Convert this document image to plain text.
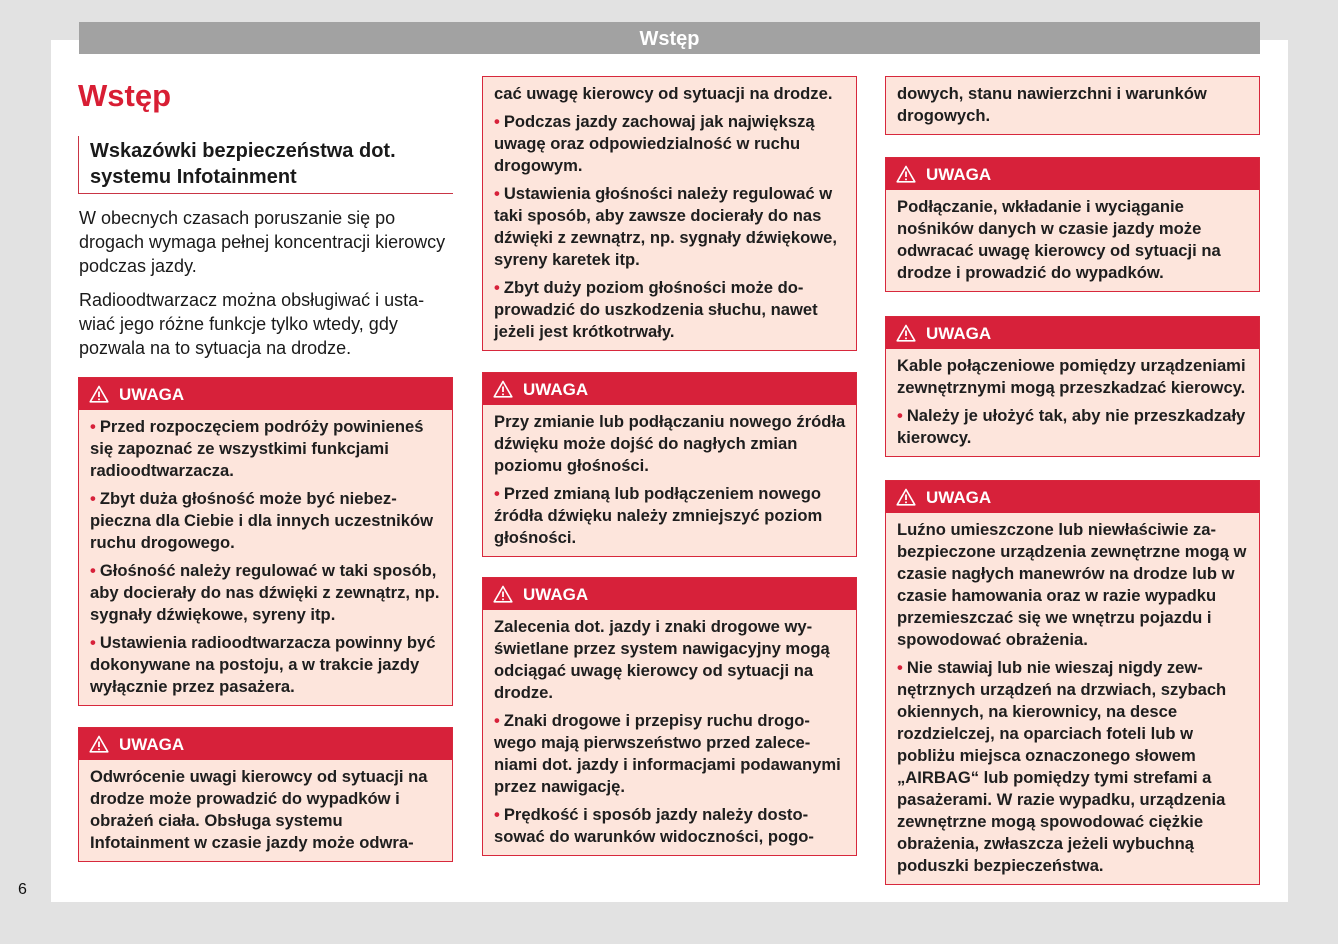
Wstęp
Wstęp
Wskazówki bezpieczeństwa dot.
systemu Infotainment

W obecnych czasach poruszanie się po drogach wymaga pełnej koncentracji kierowcy podczas jazdy.

Radioodtwarzacz można obsługiwać i ustawiać jego różne funkcje tylko wtedy, gdy pozwala na to sytuacja na drodze.

UWAGA

• Przed rozpoczęciem podróży powinieneś się zapoznać ze wszystkimi funkcjami radioodtwarzacza.

• Zbyt duża głośność może być niebezpieczna dla Ciebie i dla innych uczestników ruchu drogowego.

• Głośność należy regulować w taki sposób, aby docierały do nas dźwięki z zewnątrz, np. sygnały dźwiękowe, syreny itp.

• Ustawienia radioodtwarzacza powinny być dokonywane na postoju, a w trakcie jazdy wyłącznie przez pasażera.

UWAGA

Odwrócenie uwagi kierowcy od sytuacji na drodze może prowadzić do wypadków i obrażeń ciała. Obsługa systemu Infotainment w czasie jazdy może odwra-

cać uwagę kierowcy od sytuacji na drodze.

• Podczas jazdy zachowaj jak największą uwagę oraz odpowiedzialność w ruchu drogowym.

• Ustawienia głośności należy regulować w taki sposób, aby zawsze docierały do nas dźwięki z zewnątrz, np. sygnały dźwiękowe, syreny karetek itp.

• Zbyt duży poziom głośności może doprowadzić do uszkodzenia słuchu, nawet jeżeli jest krótkotrwały.

UWAGA

Przy zmianie lub podłączaniu nowego źródła dźwięku może dojść do nagłych zmian poziomu głośności.

• Przed zmianą lub podłączeniem nowego źródła dźwięku należy zmniejszyć poziom głośności.

UWAGA

Zalecenia dot. jazdy i znaki drogowe wyświetlane przez system nawigacyjny mogą odciągać uwagę kierowcy od sytuacji na drodze.

• Znaki drogowe i przepisy ruchu drogowego mają pierwszeństwo przed zaleceniami dot. jazdy i informacjami podawanymi przez nawigację.

• Prędkość i sposób jazdy należy dostosować do warunków widoczności, pogo-

dowych, stanu nawierzchni i warunków drogowych.

UWAGA

Podłączanie, wkładanie i wyciąganie nośników danych w czasie jazdy może odwracać uwagę kierowcy od sytuacji na drodze i prowadzić do wypadków.

UWAGA

Kable połączeniowe pomiędzy urządzeniami zewnętrznymi mogą przeszkadzać kierowcy.

• Należy je ułożyć tak, aby nie przeszkadzały kierowcy.

UWAGA

Luźno umieszczone lub niewłaściwie zabezpieczone urządzenia zewnętrzne mogą w czasie nagłych manewrów na drodze lub w czasie hamowania oraz w razie wypadku przemieszczać się we wnętrzu pojazdu i spowodować obrażenia.

• Nie stawiaj lub nie wieszaj nigdy zewnętrznych urządzeń na drzwiach, szybach okiennych, na kierownicy, na desce rozdzielczej, na oparciach foteli lub w pobliżu miejsca oznaczonego słowem „AIRBAG“ lub pomiędzy tymi strefami a pasażerami. W razie wypadku, urządzenia zewnętrzne mogą spowodować ciężkie obrażenia, zwłaszcza jeżeli wybuchną poduszki bezpieczeństwa.

6
